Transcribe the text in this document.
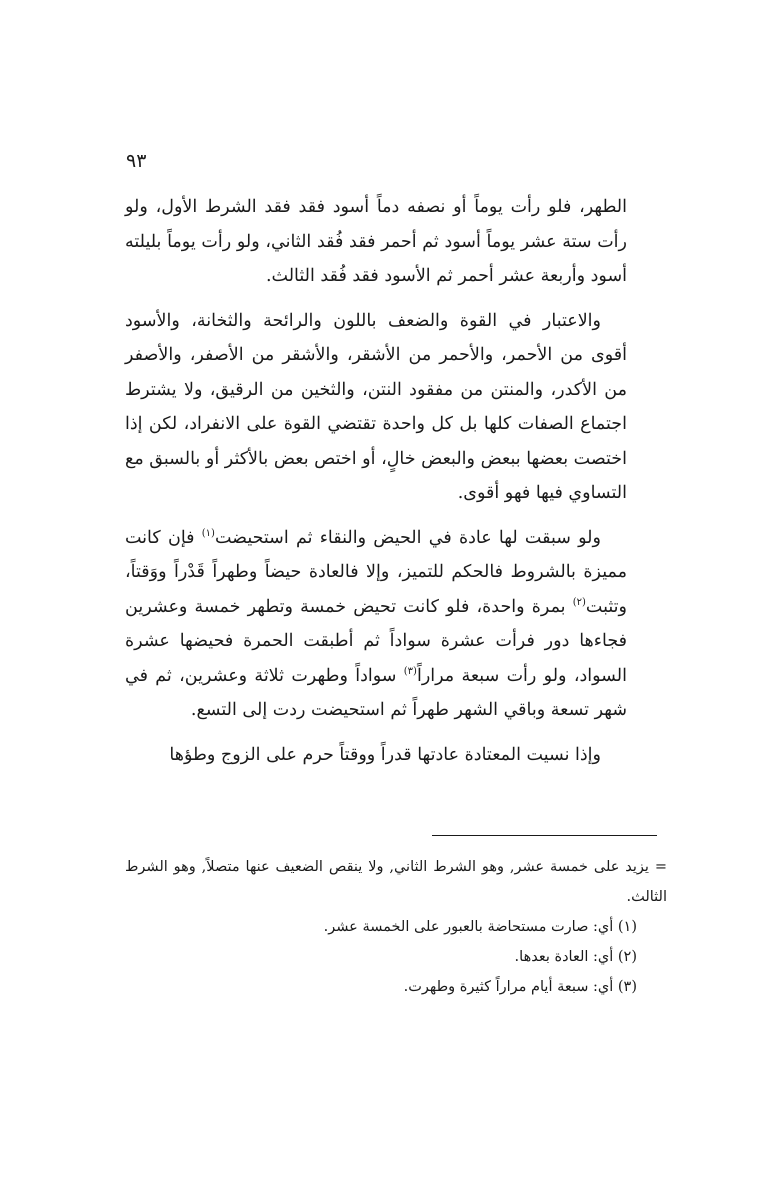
٩٣

الطهر، فلو رأت يوماً أو نصفه دماً أسود فقد فقد الشرط الأول، ولو رأت ستة عشر يوماً أسود ثم أحمر فقد فُقد الثاني، ولو رأت يوماً بليلته أسود وأربعة عشر أحمر ثم الأسود فقد فُقد الثالث.

والاعتبار في القوة والضعف باللون والرائحة والثخانة، والأسود أقوى من الأحمر، والأحمر من الأشقر، والأشقر من الأصفر، والأصفر من الأكدر، والمنتن من مفقود النتن، والثخين من الرقيق، ولا يشترط اجتماع الصفات كلها بل كل واحدة تقتضي القوة على الانفراد، لكن إذا اختصت بعضها ببعض والبعض خالٍ، أو اختص بعض بالأكثر أو بالسبق مع التساوي فيها فهو أقوى.

ولو سبقت لها عادة في الحيض والنقاء ثم استحيضت$^{(١)}$ فإن كانت مميزة بالشروط فالحكم للتميز، وإلا فالعادة حيضاً وطهراً قَدْراً ووَقتاً، وتثبت$^{(٢)}$ بمرة واحدة، فلو كانت تحيض خمسة وتطهر خمسة وعشرين فجاءها دور فرأت عشرة سواداً ثم أطبقت الحمرة فحيضها عشرة السواد، ولو رأت سبعة مراراً$^{(٣)}$ سواداً وطهرت ثلاثة وعشرين، ثم في شهر تسعة وباقي الشهر طهراً ثم استحيضت ردت إلى التسع.

وإذا نسيت المعتادة عادتها قدراً ووقتاً حرم على الزوج وطؤها

= يزيد على خمسة عشر, وهو الشرط الثاني, ولا ينقص الضعيف عنها متصلاً, وهو الشرط الثالث.

(١) أي: صارت مستحاضة بالعبور على الخمسة عشر.

(٢) أي: العادة بعدها.

(٣) أي: سبعة أيام مراراً كثيرة وطهرت.
